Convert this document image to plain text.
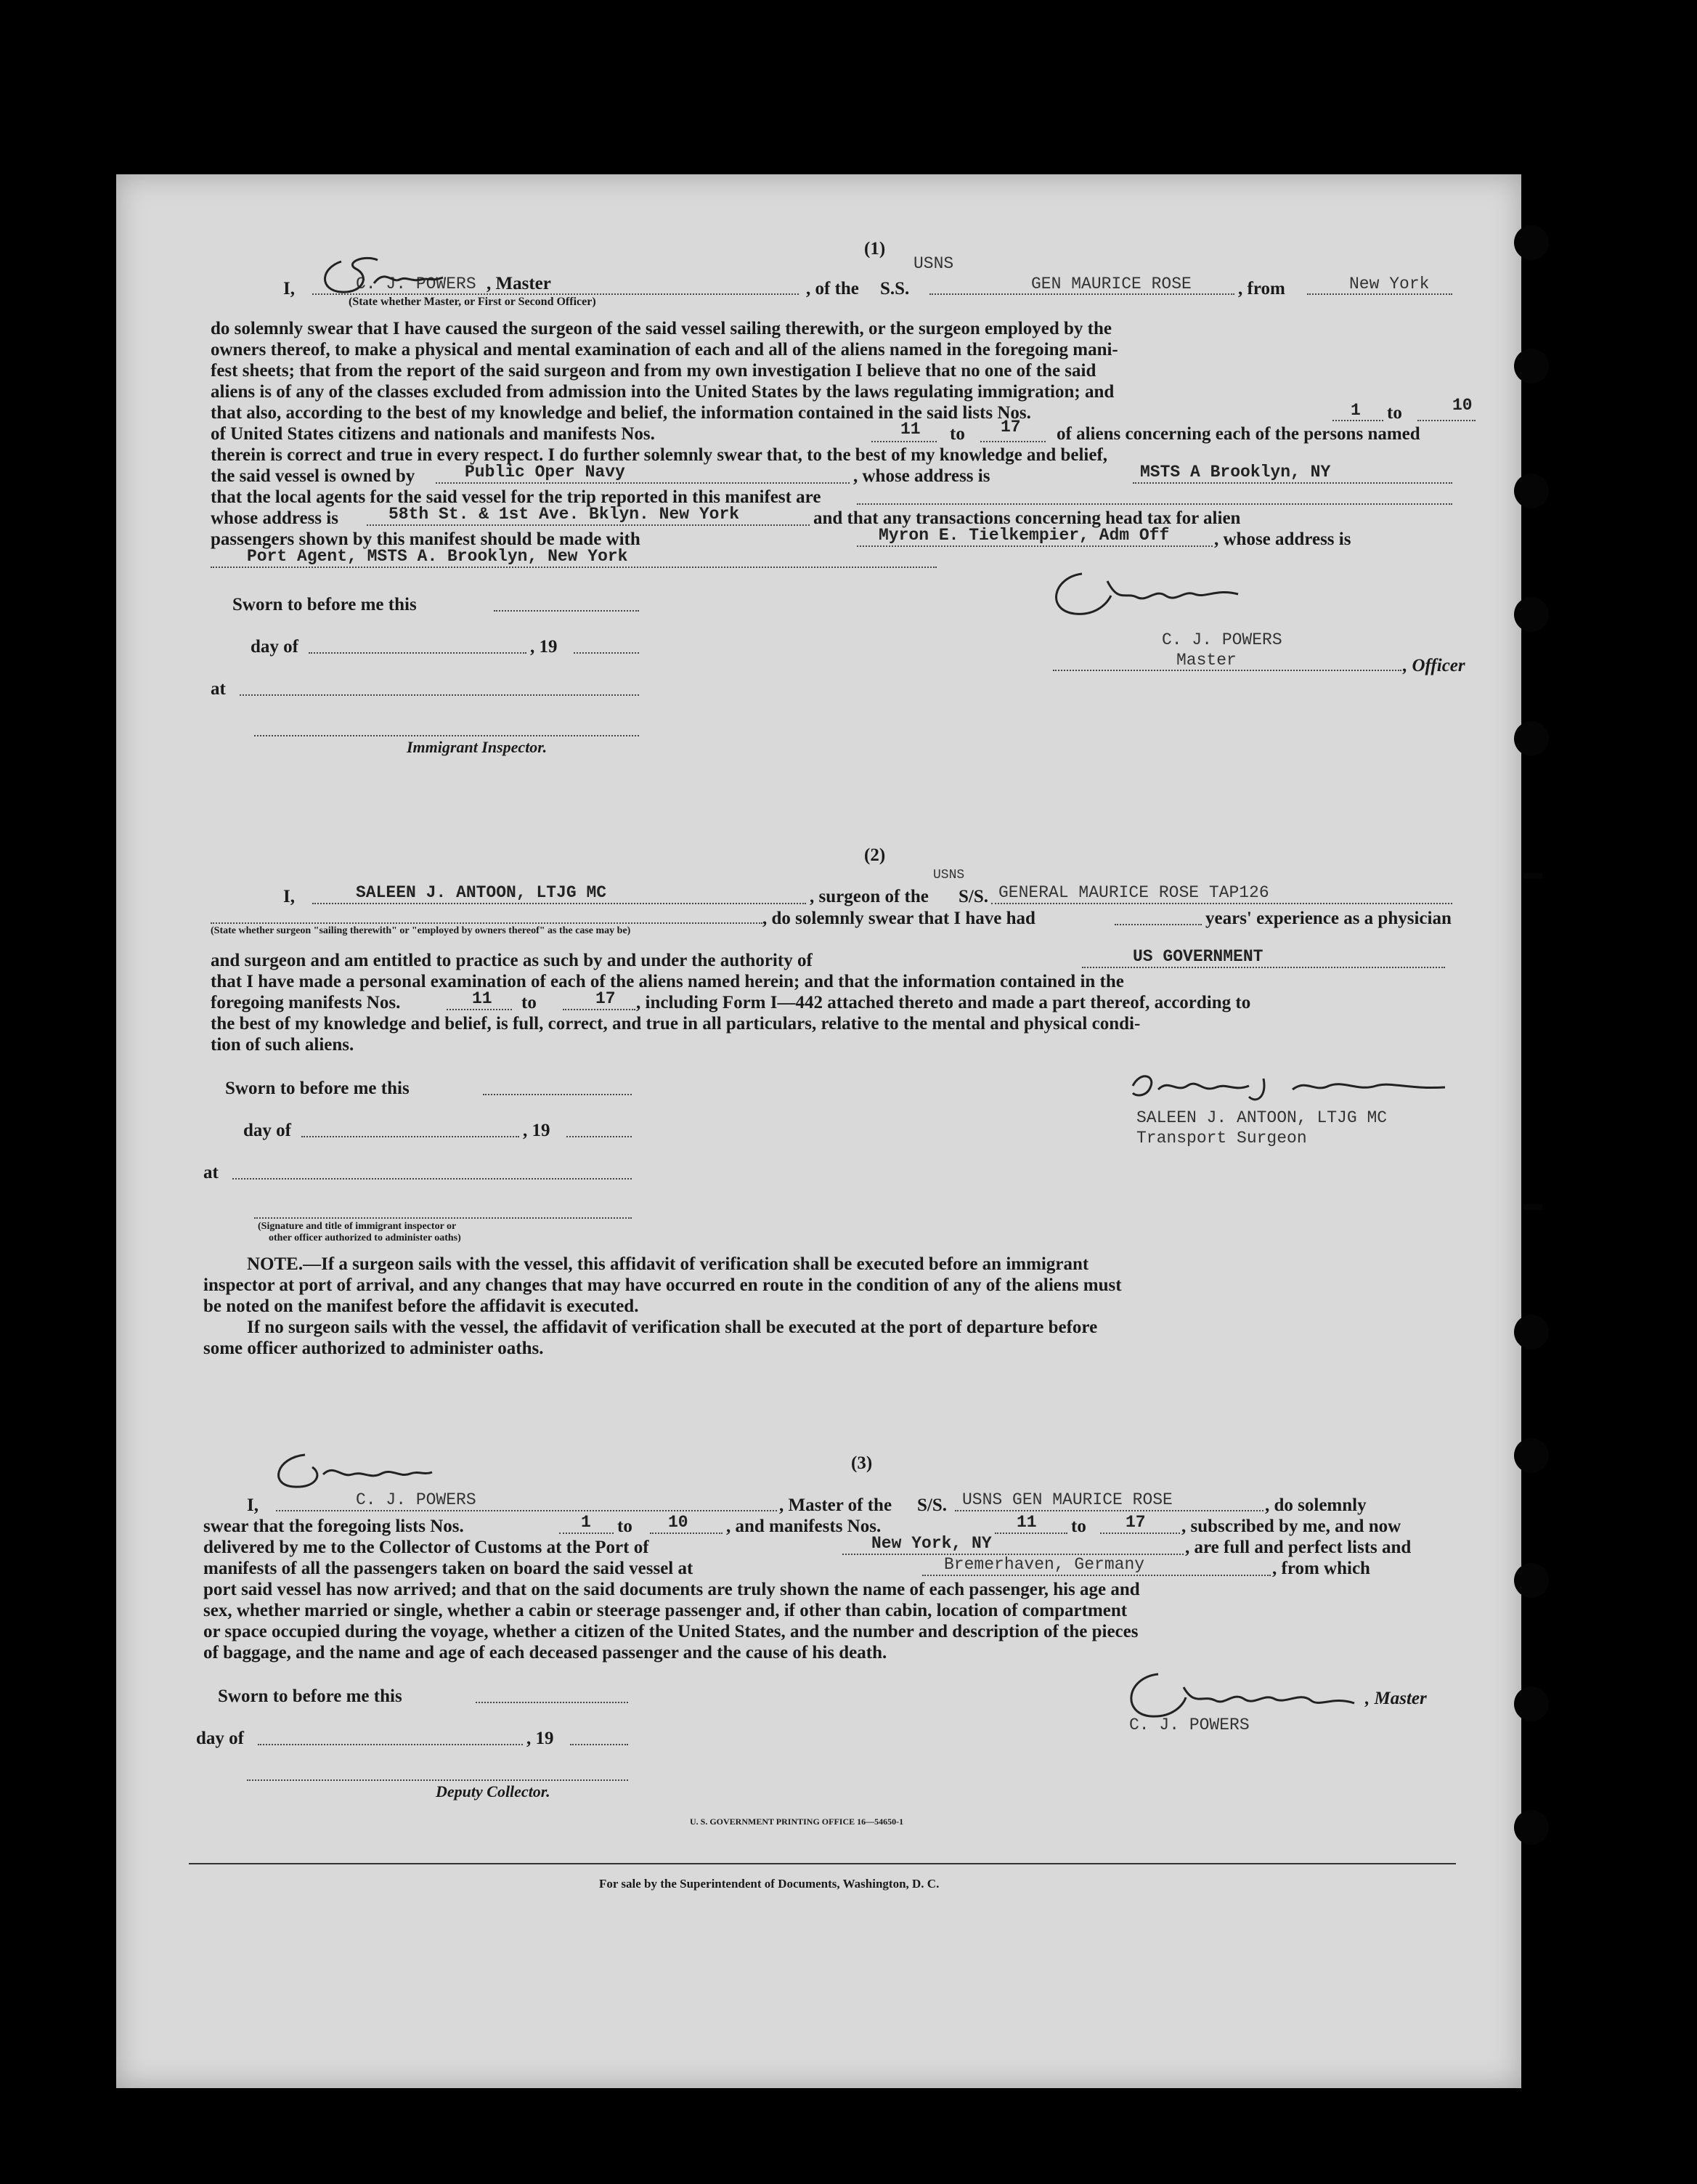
(1)
I,	C. J. POWERS , Master
(State whether Master, or First or Second Officer)
, of the S.S.
USNS
GEN MAURICE ROSE	, from	New York
do solemnly swear that I have caused the surgeon of the said vessel sailing therewith, or the surgeon employed by the
owners thereof, to make a physical and mental examination of each and all of the aliens named in the foregoing mani-
fest sheets; that from the report of the said surgeon and from my own investigation I believe that no one of the said
aliens is of any of the classes excluded from admission into the United States by the laws regulating immigration; and
that also, according to the best of my knowledge and belief, the information contained in the said lists Nos.	1 to	10
of United States citizens and nationals and manifests Nos.	11 to 17 of aliens concerning each of the persons named
therein is correct and true in every respect. I do further solemnly swear that, to the best of my knowledge and belief,
the said vessel is owned by	Public Oper Navy	, whose address is	MSTS A Brooklyn, NY
that the local agents for the said vessel for the trip reported in this manifest are
whose address is	58th St. & 1st Ave. Bklyn. New York	and that any transactions concerning head tax for alien
passengers shown by this manifest should be made with	Myron E. Tielkempier, Adm Off , whose address is
Port Agent, MSTS A. Brooklyn, New York
Sworn to before me this
day of	, 19
at
Immigrant Inspector.
C. J. POWERS
Master	, Officer
(2)
I,	SALEEN J. ANTOON, LTJG MC	, surgeon of the
USNS
S/S. GENERAL MAURICE ROSE TAP126
(State whether surgeon "sailing therewith" or "employed by owners thereof" as the case may be)
, do solemnly swear that I have had	years' experience as a physician
and surgeon and am entitled to practice as such by and under the authority of	US GOVERNMENT
that I have made a personal examination of each of the aliens named herein; and that the information contained in the
foregoing manifests Nos.	11 to	17 , including Form I—442 attached thereto and made a part thereof, according to
the best of my knowledge and belief, is full, correct, and true in all particulars, relative to the mental and physical condi-
tion of such aliens.
Sworn to before me this
day of	, 19
at
(Signature and title of immigrant inspector or
other officer authorized to administer oaths)
SALEEN J. ANTOON, LTJG MC
Transport Surgeon
NOTE.—If a surgeon sails with the vessel, this affidavit of verification shall be executed before an immigrant
inspector at port of arrival, and any changes that may have occurred en route in the condition of any of the aliens must
be noted on the manifest before the affidavit is executed.
If no surgeon sails with the vessel, the affidavit of verification shall be executed at the port of departure before
some officer authorized to administer oaths.
(3)
I,	C. J. POWERS	, Master of the S/S. USNS GEN MAURICE ROSE	, do solemnly
swear that the foregoing lists Nos.	1 to 10 , and manifests Nos.	11 to 17 , subscribed by me, and now
delivered by me to the Collector of Customs at the Port of	New York, NY	, are full and perfect lists and
manifests of all the passengers taken on board the said vessel at	Bremerhaven, Germany	, from which
port said vessel has now arrived; and that on the said documents are truly shown the name of each passenger, his age and
sex, whether married or single, whether a cabin or steerage passenger and, if other than cabin, location of compartment
or space occupied during the voyage, whether a citizen of the United States, and the number and description of the pieces
of baggage, and the name and age of each deceased passenger and the cause of his death.
Sworn to before me this
day of	, 19
Deputy Collector.
, Master
C. J. POWERS
U. S. GOVERNMENT PRINTING OFFICE 16—54650-1
For sale by the Superintendent of Documents, Washington, D. C.
